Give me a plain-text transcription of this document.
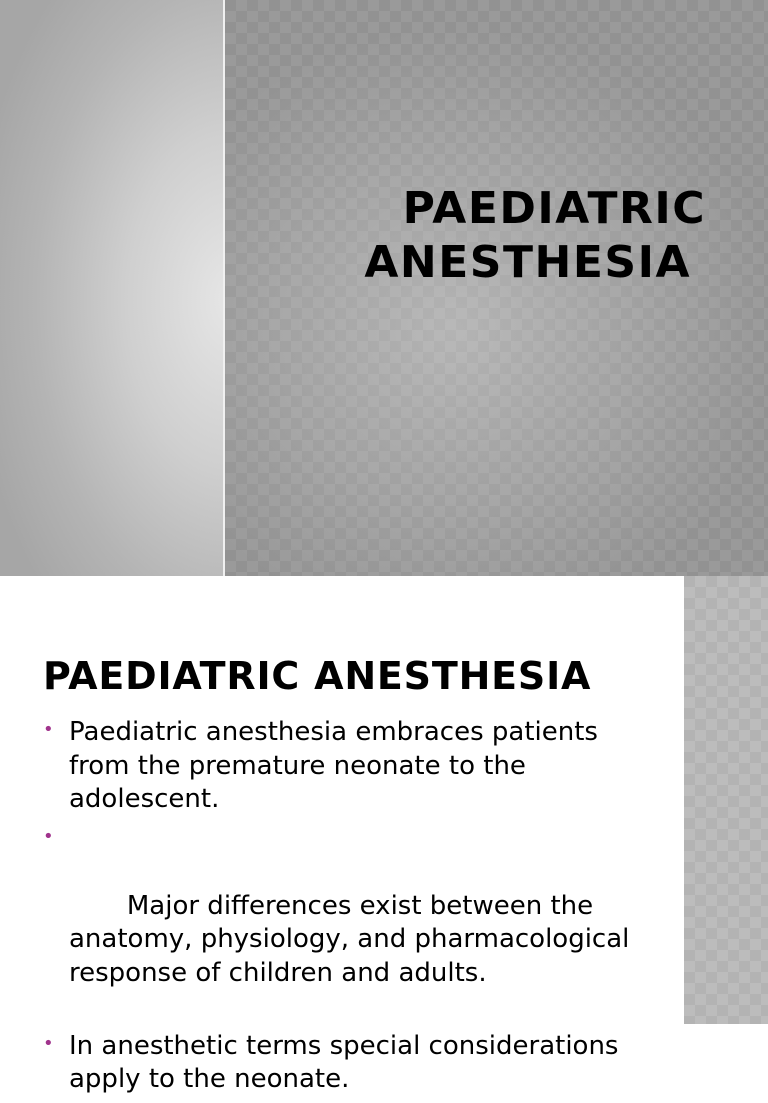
PAEDIATRIC
ANESTHESIA
PAEDIATRIC ANESTHESIA
• Paediatric anesthesia embraces patients from the premature neonate to the adolescent.

•

Major differences exist between the anatomy, physiology, and pharmacological response of children and adults.

• In anesthetic terms special considerations apply to the neonate.
